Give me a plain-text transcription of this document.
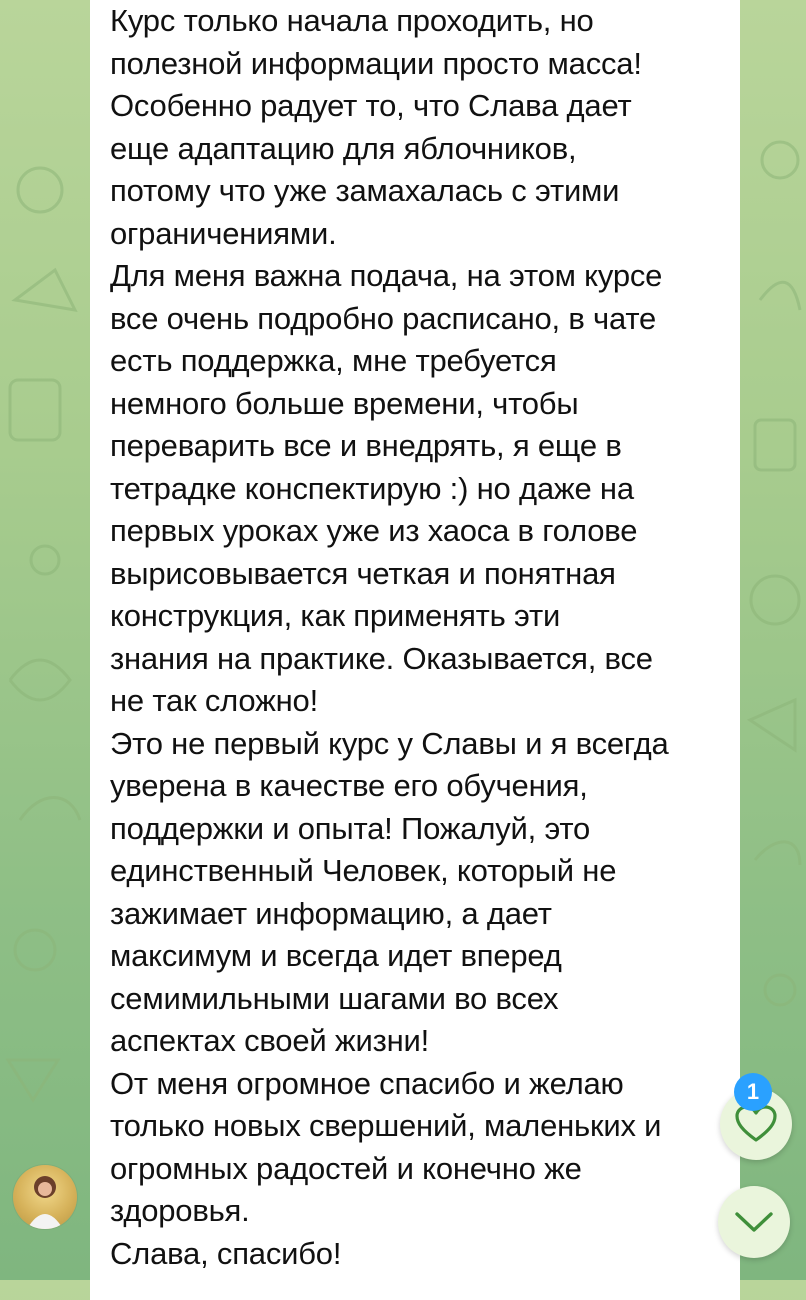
Курс только начала проходить, но
полезной информации просто масса!
Особенно радует то, что Слава дает
еще адаптацию для яблочников,
потому что уже замахалась с этими
ограничениями.
Для меня важна подача, на этом курсе
все очень подробно расписано, в чате
есть поддержка, мне требуется
немного больше времени, чтобы
переварить все и внедрять, я еще в
тетрадке конспектирую :) но даже на
первых уроках уже из хаоса в голове
вырисовывается четкая и понятная
конструкция, как применять эти
знания на практике. Оказывается, все
не так сложно!
Это не первый курс у Славы и я всегда
уверена в качестве его обучения,
поддержки и опыта! Пожалуй, это
единственный Человек, который не
зажимает информацию, а дает
максимум и всегда идет вперед
семимильными шагами во всех
аспектах своей жизни!
От меня огромное спасибо и желаю
только новых свершений, маленьких и
огромных радостей и конечно же
здоровья.
Слава, спасибо!
1
